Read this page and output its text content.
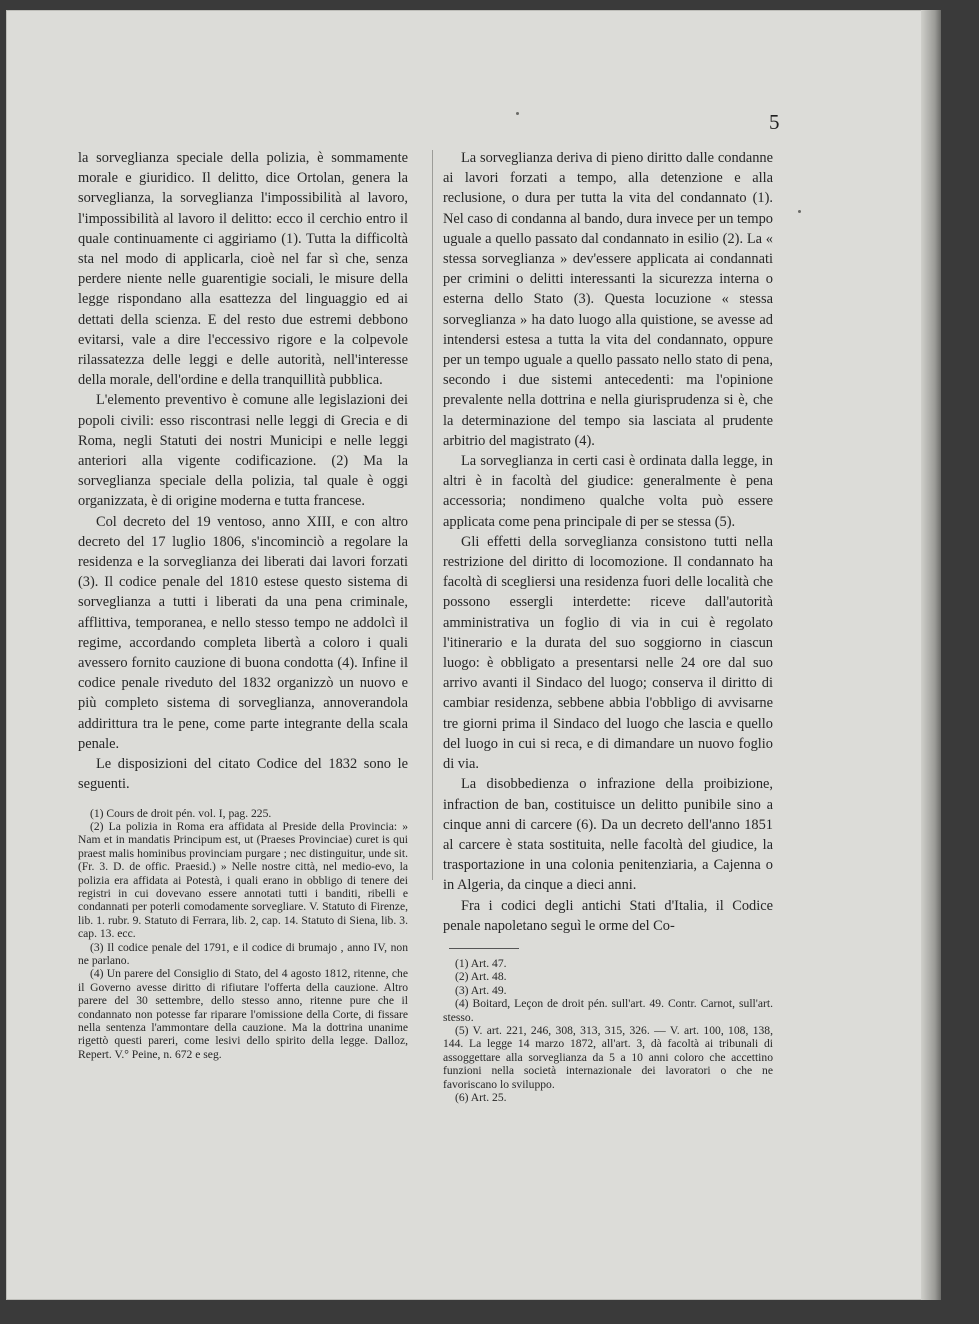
5

la sorveglianza speciale della polizia, è sommamente morale e giuridico. Il delitto, dice Ortolan, genera la sorveglianza, la sorveglianza l'impossibilità al lavoro, l'impossibilità al lavoro il delitto: ecco il cerchio entro il quale continuamente ci aggiriamo (1). Tutta la difficoltà sta nel modo di applicarla, cioè nel far sì che, senza perdere niente nelle guarentigie sociali, le misure della legge rispondano alla esattezza del linguaggio ed ai dettati della scienza. E del resto due estremi debbono evitarsi, vale a dire l'eccessivo rigore e la colpevole rilassatezza delle leggi e delle autorità, nell'interesse della morale, dell'ordine e della tranquillità pubblica.

L'elemento preventivo è comune alle legislazioni dei popoli civili: esso riscontrasi nelle leggi di Grecia e di Roma, negli Statuti dei nostri Municipi e nelle leggi anteriori alla vigente codificazione. (2) Ma la sorveglianza speciale della polizia, tal quale è oggi organizzata, è di origine moderna e tutta francese.

Col decreto del 19 ventoso, anno XIII, e con altro decreto del 17 luglio 1806, s'incominciò a regolare la residenza e la sorveglianza dei liberati dai lavori forzati (3). Il codice penale del 1810 estese questo sistema di sorveglianza a tutti i liberati da una pena criminale, afflittiva, temporanea, e nello stesso tempo ne addolcì il regime, accordando completa libertà a coloro i quali avessero fornito cauzione di buona condotta (4). Infine il codice penale riveduto del 1832 organizzò un nuovo e più completo sistema di sorveglianza, annoverandola addirittura tra le pene, come parte integrante della scala penale.

Le disposizioni del citato Codice del 1832 sono le seguenti.

(1) Cours de droit pén. vol. I, pag. 225.

(2) La polizia in Roma era affidata al Preside della Provincia: » Nam et in mandatis Principum est, ut (Praeses Provinciae) curet is qui praest malis hominibus provinciam purgare ; nec distinguitur, unde sit. (Fr. 3. D. de offic. Praesid.) » Nelle nostre città, nel medio-evo, la polizia era affidata ai Potestà, i quali erano in obbligo di tenere dei registri in cui dovevano essere annotati tutti i banditi, ribelli e condannati per poterli comodamente sorvegliare. V. Statuto di Firenze, lib. 1. rubr. 9. Statuto di Ferrara, lib. 2, cap. 14. Statuto di Siena, lib. 3. cap. 13. ecc.

(3) Il codice penale del 1791, e il codice di brumajo , anno IV, non ne parlano.

(4) Un parere del Consiglio di Stato, del 4 agosto 1812, ritenne, che il Governo avesse diritto di rifiutare l'offerta della cauzione. Altro parere del 30 settembre, dello stesso anno, ritenne pure che il condannato non potesse far riparare l'omissione della Corte, di fissare nella sentenza l'ammontare della cauzione. Ma la dottrina unanime rigettò questi pareri, come lesivi dello spirito della legge. Dalloz, Repert. V.° Peine, n. 672 e seg.

La sorveglianza deriva di pieno diritto dalle condanne ai lavori forzati a tempo, alla detenzione e alla reclusione, o dura per tutta la vita del condannato (1). Nel caso di condanna al bando, dura invece per un tempo uguale a quello passato dal condannato in esilio (2). La « stessa sorveglianza » dev'essere applicata ai condannati per crimini o delitti interessanti la sicurezza interna o esterna dello Stato (3). Questa locuzione « stessa sorveglianza » ha dato luogo alla quistione, se avesse ad intendersi estesa a tutta la vita del condannato, oppure per un tempo uguale a quello passato nello stato di pena, secondo i due sistemi antecedenti: ma l'opinione prevalente nella dottrina e nella giurisprudenza si è, che la determinazione del tempo sia lasciata al prudente arbitrio del magistrato (4).

La sorveglianza in certi casi è ordinata dalla legge, in altri è in facoltà del giudice: generalmente è pena accessoria; nondimeno qualche volta può essere applicata come pena principale di per se stessa (5).

Gli effetti della sorveglianza consistono tutti nella restrizione del diritto di locomozione. Il condannato ha facoltà di scegliersi una residenza fuori delle località che possono essergli interdette: riceve dall'autorità amministrativa un foglio di via in cui è regolato l'itinerario e la durata del suo soggiorno in ciascun luogo: è obbligato a presentarsi nelle 24 ore dal suo arrivo avanti il Sindaco del luogo; conserva il diritto di cambiar residenza, sebbene abbia l'obbligo di avvisarne tre giorni prima il Sindaco del luogo che lascia e quello del luogo in cui si reca, e di dimandare un nuovo foglio di via.

La disobbedienza o infrazione della proibizione, infraction de ban, costituisce un delitto punibile sino a cinque anni di carcere (6). Da un decreto dell'anno 1851 al carcere è stata sostituita, nelle facoltà del giudice, la trasportazione in una colonia penitenziaria, a Cajenna o in Algeria, da cinque a dieci anni.

Fra i codici degli antichi Stati d'Italia, il Codice penale napoletano seguì le orme del Co-

(1) Art. 47.

(2) Art. 48.

(3) Art. 49.

(4) Boitard, Leçon de droit pén. sull'art. 49. Contr. Carnot, sull'art. stesso.

(5) V. art. 221, 246, 308, 313, 315, 326. — V. art. 100, 108, 138, 144. La legge 14 marzo 1872, all'art. 3, dà facoltà ai tribunali di assoggettare alla sorveglianza da 5 a 10 anni coloro che accettino funzioni nella società internazionale dei lavoratori o che ne favoriscano lo sviluppo.

(6) Art. 25.
